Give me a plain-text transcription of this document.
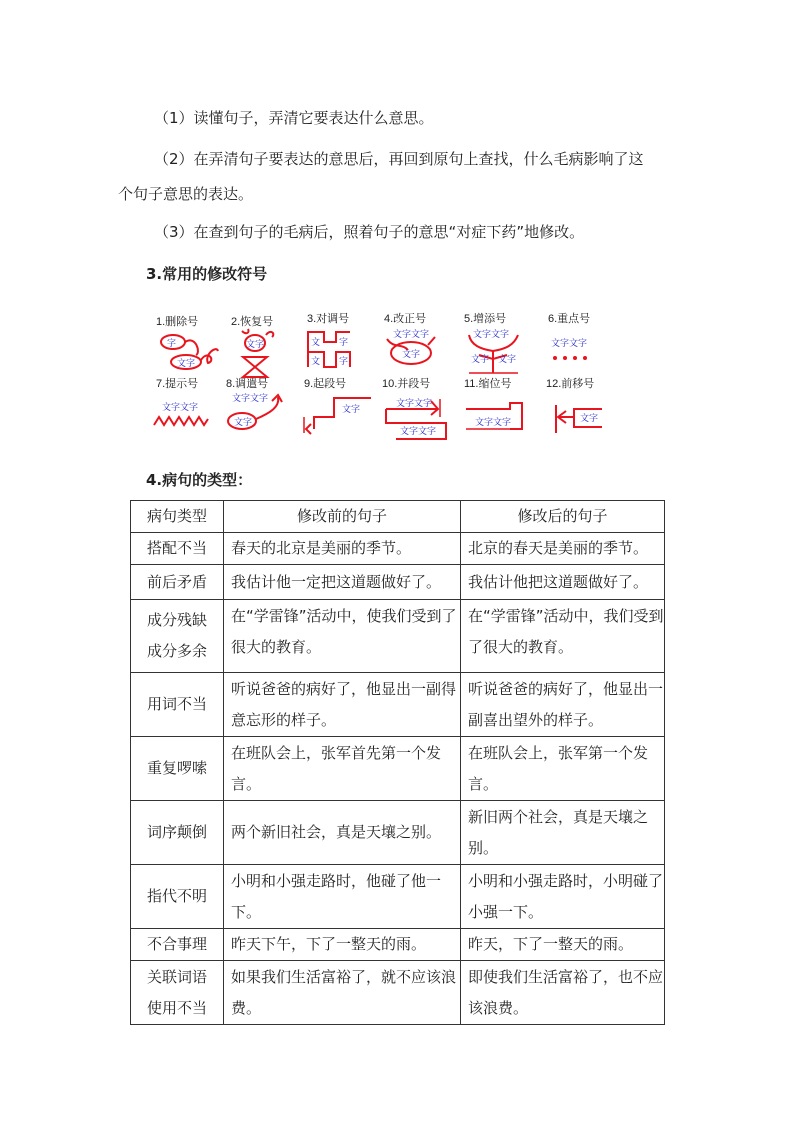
（1）读懂句子，弄清它要表达什么意思。
（2）在弄清句子要表达的意思后，再回到原句上查找，什么毛病影响了这
个句子意思的表达。
（3）在查到句子的毛病后，照着句子的意思“对症下药”地修改。
3.常用的修改符号
1.删除号	2.恢复号	3.对调号	4.改正号	5.增添号	6.重点号
7.提示号	8.调遣号	9.起段号	10.并段号	11.缩位号	12.前移号
字
文字
文字	文 字
文 字
文字文字
文字
文字文字
文字 文字
文字文字
文字文字
文字文字
文字
文字
文字文字
文字文字
文字文字	文字
4.病句的类型：
病句类型	修改前的句子	修改后的句子
搭配不当	春天的北京是美丽的季节。	北京的春天是美丽的季节。
前后矛盾	我估计他一定把这道题做好了。	我估计他把这道题做好了。
成分残缺成分多余	在“学雷锋”活动中，使我们受到了很大的教育。	在“学雷锋”活动中，我们受到了很大的教育。
用词不当	听说爸爸的病好了，他显出一副得意忘形的样子。	听说爸爸的病好了，他显出一副喜出望外的样子。
重复啰嗦	在班队会上，张军首先第一个发言。	在班队会上，张军第一个发言。
词序颠倒	两个新旧社会，真是天壤之别。	新旧两个社会，真是天壤之别。
指代不明	小明和小强走路时，他碰了他一下。	小明和小强走路时，小明碰了小强一下。
不合事理	昨天下午，下了一整天的雨。	昨天，下了一整天的雨。
关联词语使用不当	如果我们生活富裕了，就不应该浪费。	即使我们生活富裕了，也不应该浪费。
